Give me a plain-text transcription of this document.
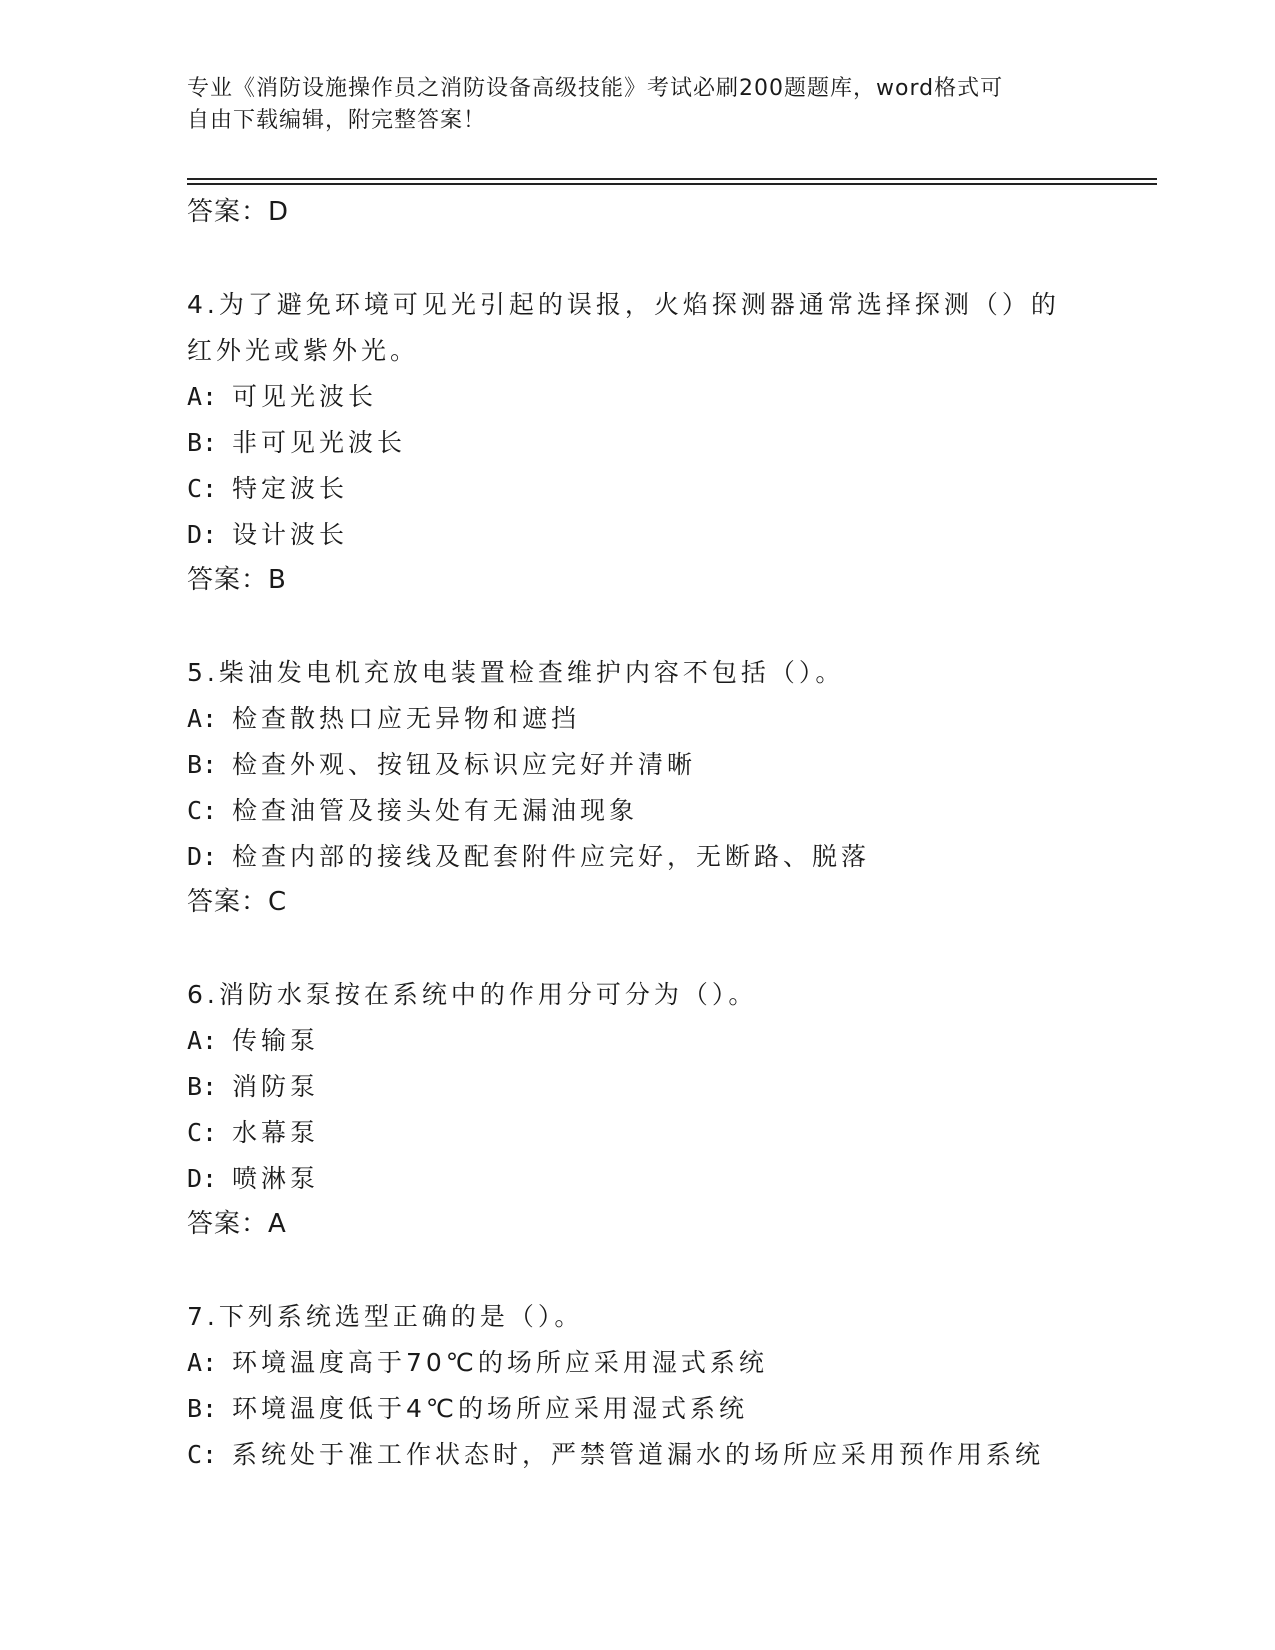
专业《消防设施操作员之消防设备高级技能》考试必刷200题题库，word格式可
自由下载编辑，附完整答案！
答案：D
4.为了避免环境可见光引起的误报，火焰探测器通常选择探测（）的红外光或紫外光。
A: 可见光波长
B: 非可见光波长
C: 特定波长
D: 设计波长
答案：B
5.柴油发电机充放电装置检查维护内容不包括（）。
A: 检查散热口应无异物和遮挡
B: 检查外观、按钮及标识应完好并清晰
C: 检查油管及接头处有无漏油现象
D: 检查内部的接线及配套附件应完好，无断路、脱落
答案：C
6.消防水泵按在系统中的作用分可分为（）。
A: 传输泵
B: 消防泵
C: 水幕泵
D: 喷淋泵
答案：A
7.下列系统选型正确的是（）。
A: 环境温度高于70℃的场所应采用湿式系统
B: 环境温度低于4℃的场所应采用湿式系统
C: 系统处于准工作状态时，严禁管道漏水的场所应采用预作用系统
